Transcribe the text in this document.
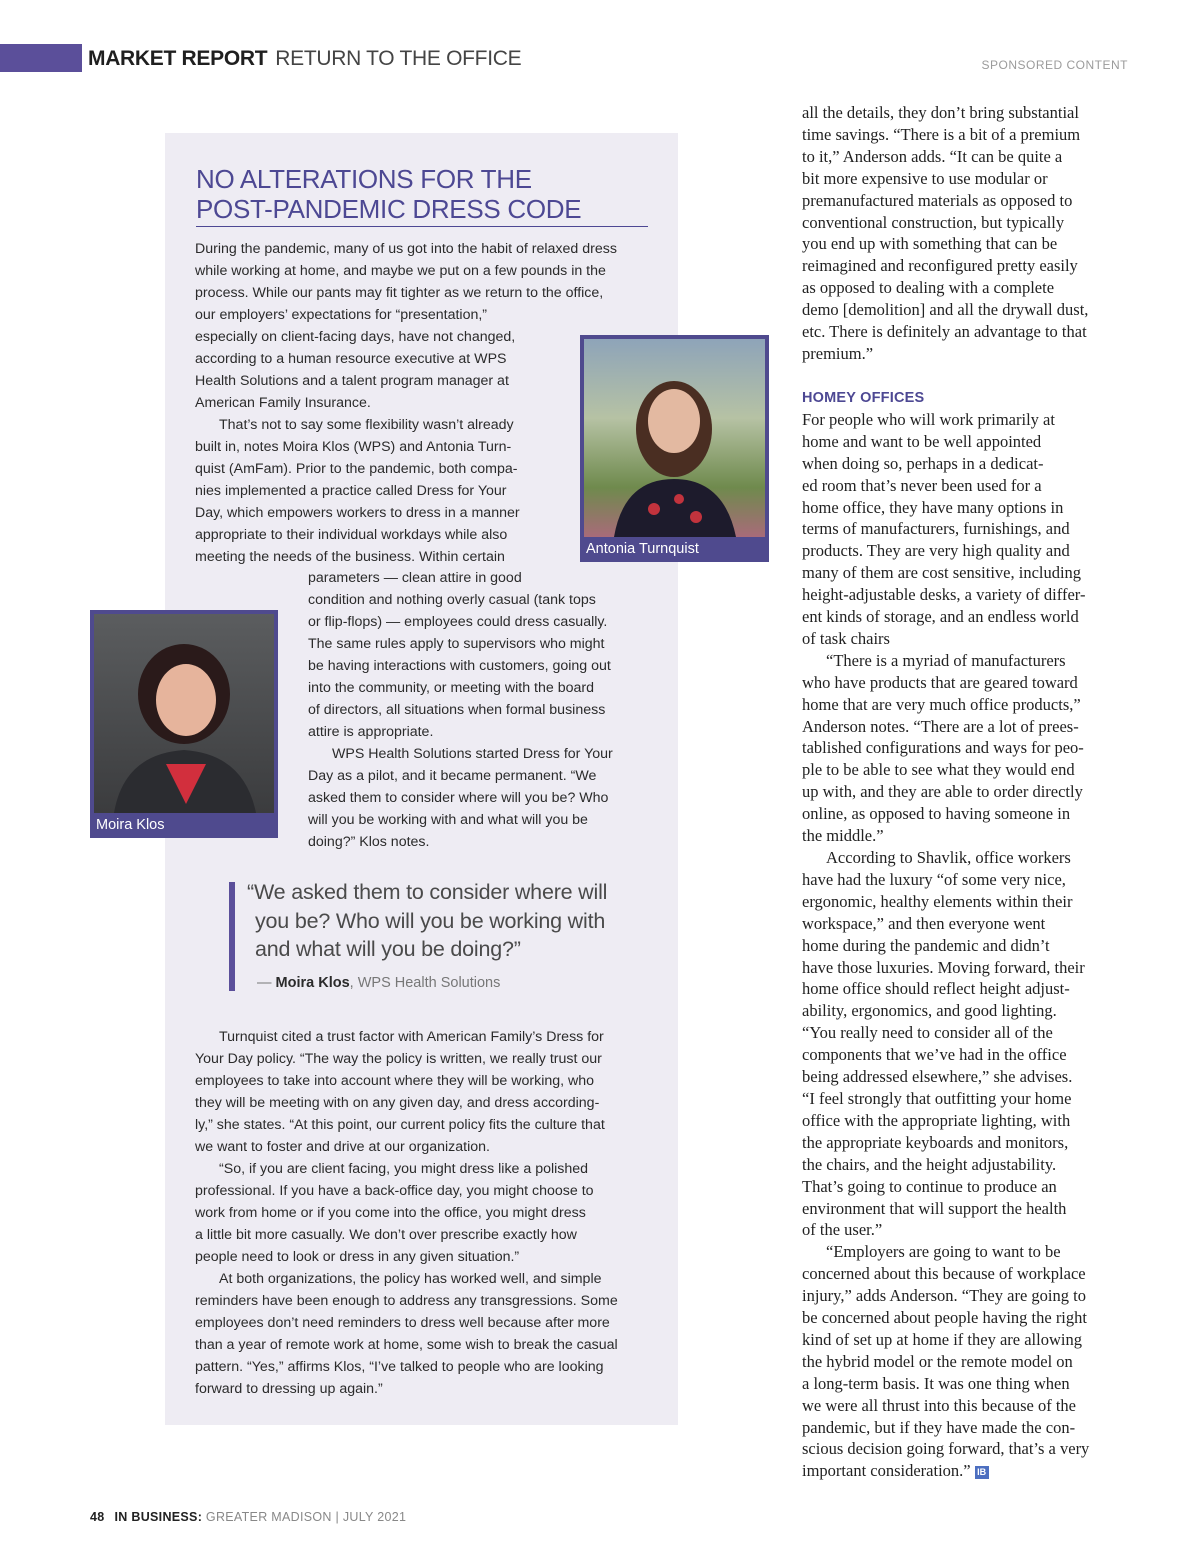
MARKET REPORT RETURN TO THE OFFICE	SPONSORED CONTENT
NO ALTERATIONS FOR THE
POST-PANDEMIC DRESS CODE

During the pandemic, many of us got into the habit of relaxed dress

while working at home, and maybe we put on a few pounds in the

process. While our pants may fit tighter as we return to the office,

our employers’ expectations for “presentation,”

especially on client-facing days, have not changed,

according to a human resource executive at WPS

Health Solutions and a talent program manager at

American Family Insurance.

That’s not to say some flexibility wasn’t already

built in, notes Moira Klos (WPS) and Antonia Turn-

quist (AmFam). Prior to the pandemic, both compa-

nies implemented a practice called Dress for Your

Day, which empowers workers to dress in a manner

appropriate to their individual workdays while also

meeting the needs of the business. Within certain	Antonia Turnquist
Moira Klos

parameters — clean attire in good

condition and nothing overly casual (tank tops

or flip-flops) — employees could dress casually.

The same rules apply to supervisors who might

be having interactions with customers, going out

into the community, or meeting with the board

of directors, all situations when formal business

attire is appropriate.

WPS Health Solutions started Dress for Your

Day as a pilot, and it became permanent. “We

asked them to consider where will you be? Who

will you be working with and what will you be

doing?” Klos notes.

“We asked them to consider where will

you be? Who will you be working with

and what will you be doing?”

— Moira Klos, WPS Health Solutions

Turnquist cited a trust factor with American Family’s Dress for

Your Day policy. “The way the policy is written, we really trust our

employees to take into account where they will be working, who

they will be meeting with on any given day, and dress according-

ly,” she states. “At this point, our current policy fits the culture that

we want to foster and drive at our organization.

“So, if you are client facing, you might dress like a polished

professional. If you have a back-office day, you might choose to

work from home or if you come into the office, you might dress

a little bit more casually. We don’t over prescribe exactly how

people need to look or dress in any given situation.”

At both organizations, the policy has worked well, and simple

reminders have been enough to address any transgressions. Some

employees don’t need reminders to dress well because after more

than a year of remote work at home, some wish to break the casual

pattern. “Yes,” affirms Klos, “I’ve talked to people who are looking

forward to dressing up again.”

all the details, they don’t bring substantial

time savings. “There is a bit of a premium

to it,” Anderson adds. “It can be quite a

bit more expensive to use modular or

premanufactured materials as opposed to

conventional construction, but typically

you end up with something that can be

reimagined and reconfigured pretty easily

as opposed to dealing with a complete

demo [demolition] and all the drywall dust,

etc. There is definitely an advantage to that

premium.”

HOMEY OFFICES

For people who will work primarily at

home and want to be well appointed

when doing so, perhaps in a dedicat-

ed room that’s never been used for a

home office, they have many options in

terms of manufacturers, furnishings, and

products. They are very high quality and

many of them are cost sensitive, including

height-adjustable desks, a variety of differ-

ent kinds of storage, and an endless world

of task chairs

“There is a myriad of manufacturers

who have products that are geared toward

home that are very much office products,”

Anderson notes. “There are a lot of prees-

tablished configurations and ways for peo-

ple to be able to see what they would end

up with, and they are able to order directly

online, as opposed to having someone in

the middle.”

According to Shavlik, office workers

have had the luxury “of some very nice,

ergonomic, healthy elements within their

workspace,” and then everyone went

home during the pandemic and didn’t

have those luxuries. Moving forward, their

home office should reflect height adjust-

ability, ergonomics, and good lighting.

“You really need to consider all of the

components that we’ve had in the office

being addressed elsewhere,” she advises.

“I feel strongly that outfitting your home

office with the appropriate lighting, with

the appropriate keyboards and monitors,

the chairs, and the height adjustability.

That’s going to continue to produce an

environment that will support the health

of the user.”

“Employers are going to want to be

concerned about this because of workplace

injury,” adds Anderson. “They are going to

be concerned about people having the right

kind of set up at home if they are allowing

the hybrid model or the remote model on

a long-term basis. It was one thing when

we were all thrust into this because of the

pandemic, but if they have made the con-

scious decision going forward, that’s a very

important consideration.” IB

48 IN BUSINESS: GREATER MADISON | JULY 2021
